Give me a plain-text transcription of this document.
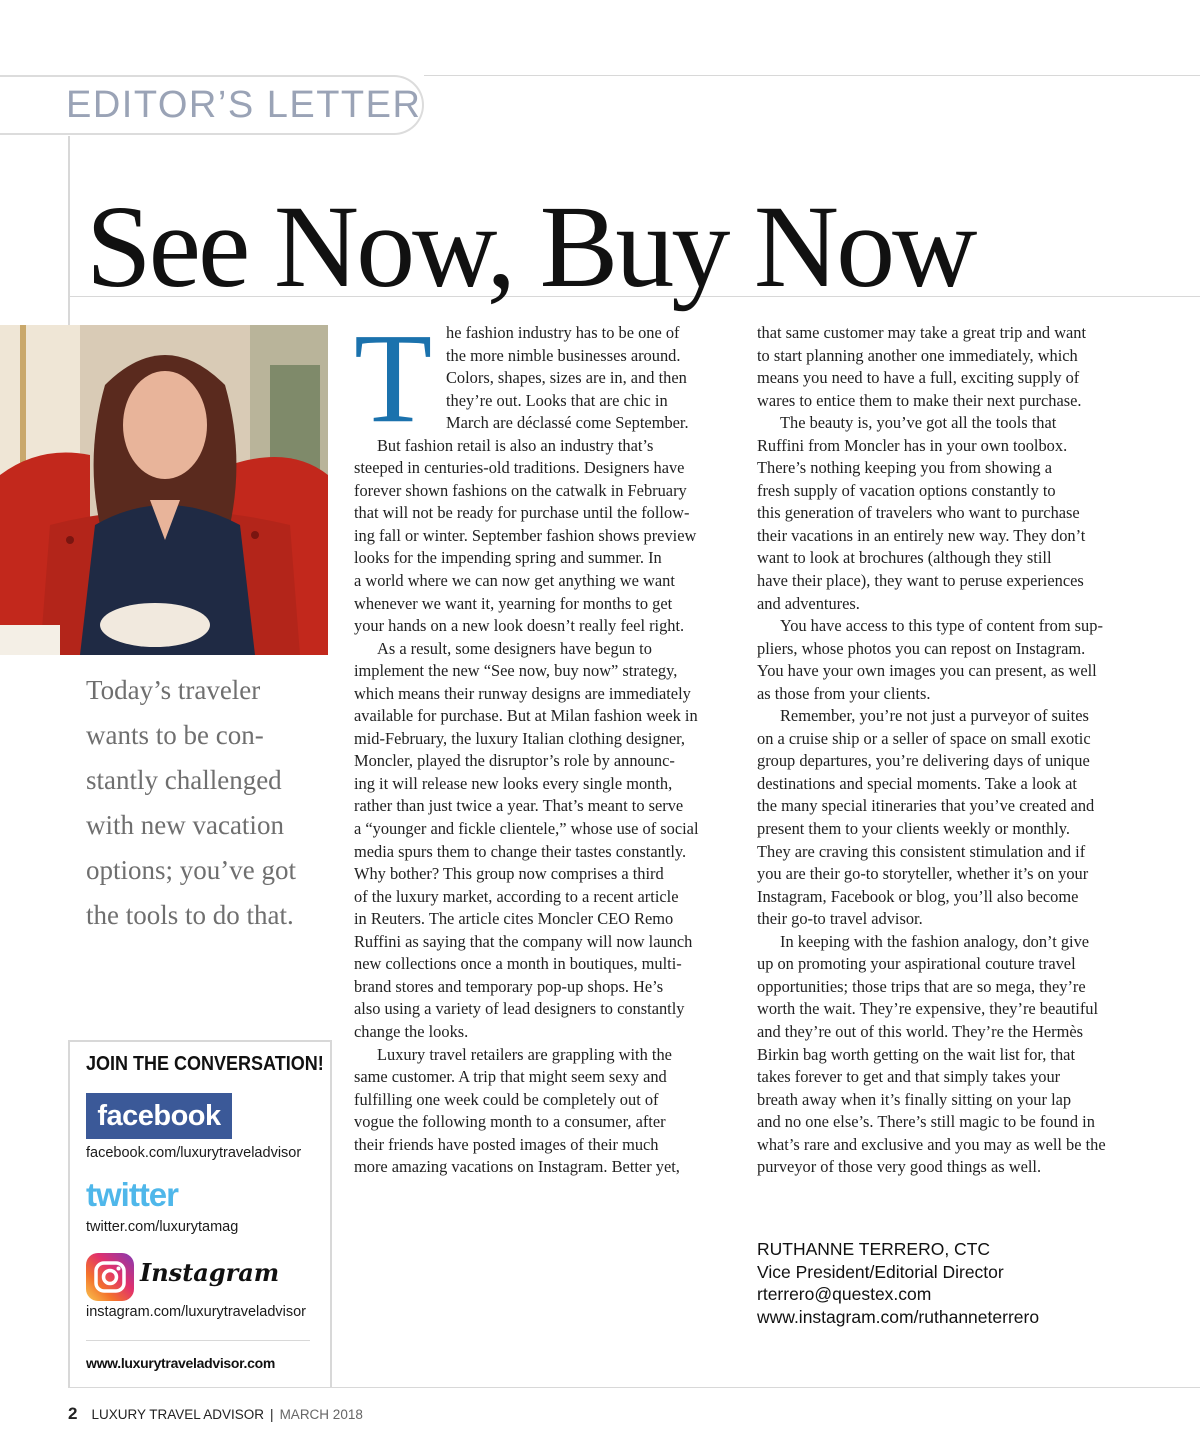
EDITOR’S LETTER
See Now, Buy Now
Today’s traveler
wants to be con-
stantly challenged
with new vacation
options; you’ve got
the tools to do that.
T he fashion industry has to be one of
the more nimble businesses around.
Colors, shapes, sizes are in, and then
they’re out. Looks that are chic in
March are déclassé come September.
But fashion retail is also an industry that’s
steeped in centuries-old traditions. Designers have
forever shown fashions on the catwalk in February
that will not be ready for purchase until the follow-
ing fall or winter. September fashion shows preview
looks for the impending spring and summer. In
a world where we can now get anything we want
whenever we want it, yearning for months to get
your hands on a new look doesn’t really feel right.
As a result, some designers have begun to
implement the new “See now, buy now” strategy,
which means their runway designs are immediately
available for purchase. But at Milan fashion week in
mid-February, the luxury Italian clothing designer,
Moncler, played the disruptor’s role by announc-
ing it will release new looks every single month,
rather than just twice a year. That’s meant to serve
a “younger and fickle clientele,” whose use of social
media spurs them to change their tastes constantly.
Why bother? This group now comprises a third
of the luxury market, according to a recent article
in Reuters. The article cites Moncler CEO Remo
Ruffini as saying that the company will now launch
new collections once a month in boutiques, multi-
brand stores and temporary pop-up shops. He’s
also using a variety of lead designers to constantly
change the looks.
Luxury travel retailers are grappling with the
same customer. A trip that might seem sexy and
fulfilling one week could be completely out of
vogue the following month to a consumer, after
their friends have posted images of their much
more amazing vacations on Instagram. Better yet,
that same customer may take a great trip and want
to start planning another one immediately, which
means you need to have a full, exciting supply of
wares to entice them to make their next purchase.
The beauty is, you’ve got all the tools that
Ruffini from Moncler has in your own toolbox.
There’s nothing keeping you from showing a
fresh supply of vacation options constantly to
this generation of travelers who want to purchase
their vacations in an entirely new way. They don’t
want to look at brochures (although they still
have their place), they want to peruse experiences
and adventures.
You have access to this type of content from sup-
pliers, whose photos you can repost on Instagram.
You have your own images you can present, as well
as those from your clients.
Remember, you’re not just a purveyor of suites
on a cruise ship or a seller of space on small exotic
group departures, you’re delivering days of unique
destinations and special moments. Take a look at
the many special itineraries that you’ve created and
present them to your clients weekly or monthly.
They are craving this consistent stimulation and if
you are their go-to storyteller, whether it’s on your
Instagram, Facebook or blog, you’ll also become
their go-to travel advisor.
In keeping with the fashion analogy, don’t give
up on promoting your aspirational couture travel
opportunities; those trips that are so mega, they’re
worth the wait. They’re expensive, they’re beautiful
and they’re out of this world. They’re the Hermès
Birkin bag worth getting on the wait list for, that
takes forever to get and that simply takes your
breath away when it’s finally sitting on your lap
and no one else’s. There’s still magic to be found in
what’s rare and exclusive and you may as well be the
purveyor of those very good things as well.
JOIN THE CONVERSATION!
facebook
facebook.com/luxurytraveladvisor
twitter
twitter.com/luxurytamag
Instagram
instagram.com/luxurytraveladvisor
www.luxurytraveladvisor.com
RUTHANNE TERRERO, CTC
Vice President/Editorial Director
rterrero@questex.com
www.instagram.com/ruthanneterrero
2 LUXURY TRAVEL ADVISOR | MARCH 2018
